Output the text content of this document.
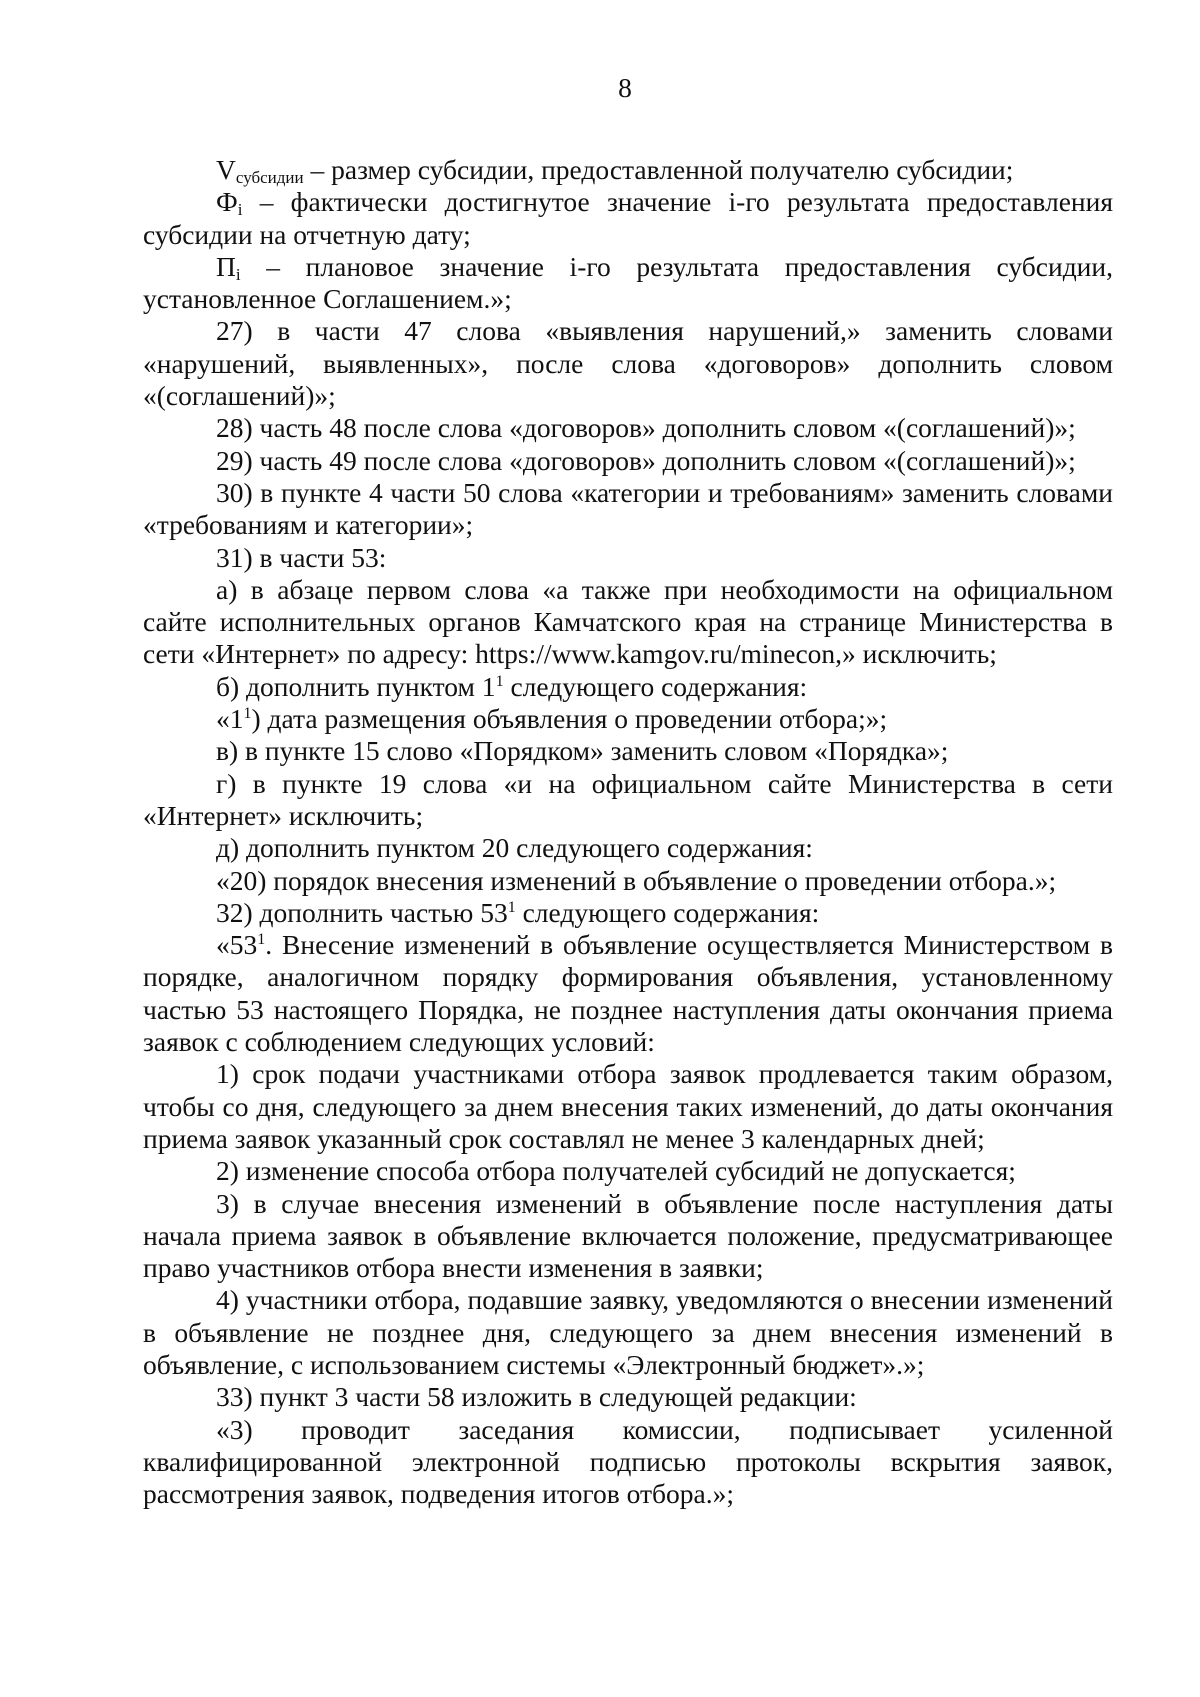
8

$V_{субсидии}$ – размер субсидии, предоставленной получателю субсидии;

$Ф_i$ – фактически достигнутое значение i-го результата предоставления субсидии на отчетную дату;

$П_i$ – плановое значение i-го результата предоставления субсидии, установленное Соглашением.»;

27) в части 47 слова «выявления нарушений,» заменить словами «нарушений, выявленных», после слова «договоров» дополнить словом «(соглашений)»;

28) часть 48 после слова «договоров» дополнить словом «(соглашений)»;

29) часть 49 после слова «договоров» дополнить словом «(соглашений)»;

30) в пункте 4 части 50 слова «категории и требованиям» заменить словами «требованиям и категории»;

31) в части 53:

а) в абзаце первом слова «а также при необходимости на официальном сайте исполнительных органов Камчатского края на странице Министерства в сети «Интернет» по адресу: https://www.kamgov.ru/minecon,» исключить;

б) дополнить пунктом $1^1$ следующего содержания:

«$1^1$) дата размещения объявления о проведении отбора;»;

в) в пункте 15 слово «Порядком» заменить словом «Порядка»;

г) в пункте 19 слова «и на официальном сайте Министерства в сети «Интернет» исключить;

д) дополнить пунктом 20 следующего содержания:

«20) порядок внесения изменений в объявление о проведении отбора.»;

32) дополнить частью $53^1$ следующего содержания:

«$53^1$. Внесение изменений в объявление осуществляется Министерством в порядке, аналогичном порядку формирования объявления, установленному частью 53 настоящего Порядка, не позднее наступления даты окончания приема заявок с соблюдением следующих условий:

1) срок подачи участниками отбора заявок продлевается таким образом, чтобы со дня, следующего за днем внесения таких изменений, до даты окончания приема заявок указанный срок составлял не менее 3 календарных дней;

2) изменение способа отбора получателей субсидий не допускается;

3) в случае внесения изменений в объявление после наступления даты начала приема заявок в объявление включается положение, предусматривающее право участников отбора внести изменения в заявки;

4) участники отбора, подавшие заявку, уведомляются о внесении изменений в объявление не позднее дня, следующего за днем внесения изменений в объявление, с использованием системы «Электронный бюджет».»;

33) пункт 3 части 58 изложить в следующей редакции:

«3) проводит заседания комиссии, подписывает усиленной квалифицированной электронной подписью протоколы вскрытия заявок, рассмотрения заявок, подведения итогов отбора.»;
